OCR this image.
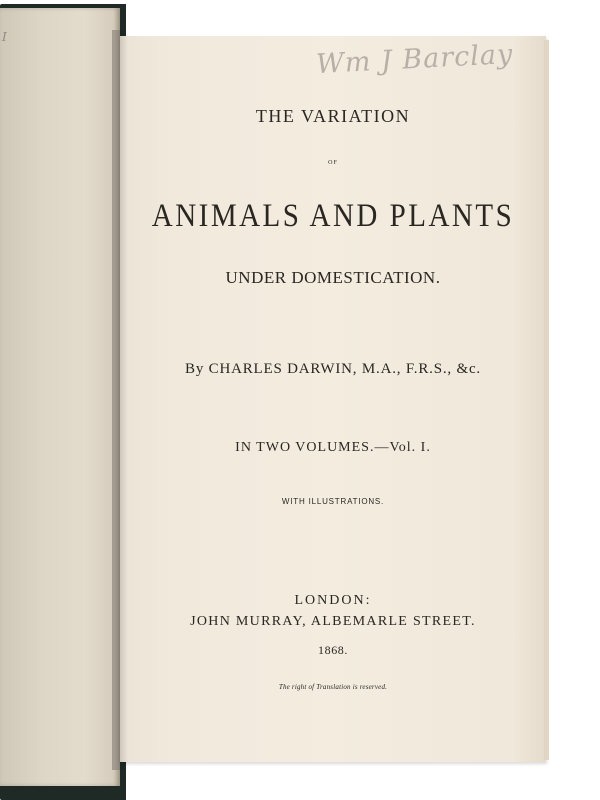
I
Wm J Barclay
THE VARIATION
OF
ANIMALS AND PLANTS
UNDER DOMESTICATION.
By CHARLES DARWIN, M.A., F.R.S., &c.
IN TWO VOLUMES.—Vol. I.
WITH ILLUSTRATIONS.
LONDON:
JOHN MURRAY, ALBEMARLE STREET.
1868.
The right of Translation is reserved.
